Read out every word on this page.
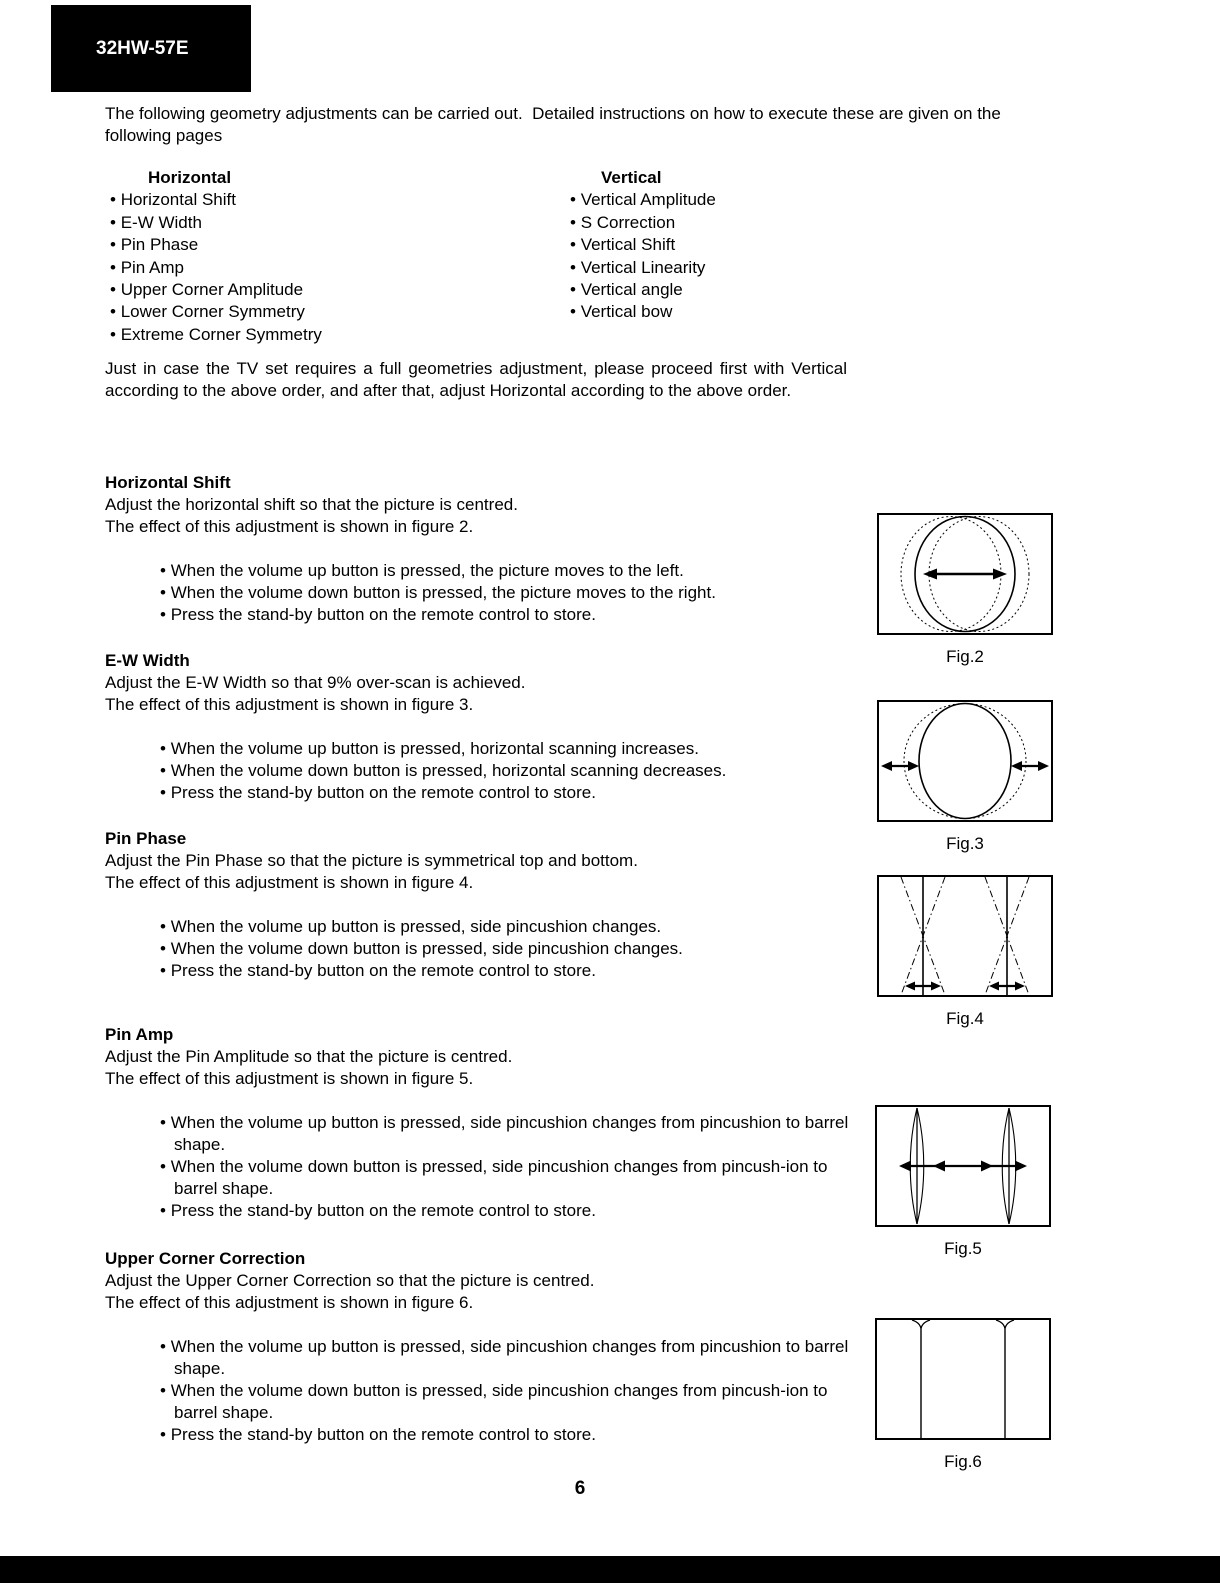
32HW-57E

The following geometry adjustments can be carried out.  Detailed instructions on how to execute these are given on the following pages

Horizontal
• Horizontal Shift
• E-W Width
• Pin Phase
• Pin Amp
• Upper Corner Amplitude
• Lower Corner Symmetry
• Extreme Corner Symmetry
Vertical
• Vertical Amplitude
• S Correction
• Vertical Shift
• Vertical Linearity
• Vertical angle
• Vertical bow

Just in case the TV set requires a full geometries adjustment, please proceed first with Vertical according to the above order, and after that, adjust Horizontal according to the above order.

Horizontal Shift
Adjust the horizontal shift so that the picture is centred.
The effect of this adjustment is shown in figure 2.
• When the volume up button is pressed, the picture moves to the left.
• When the volume down button is pressed, the picture moves to the right.
• Press the stand-by button on the remote control to store.
E-W Width
Adjust the E-W Width so that 9% over-scan is achieved.
The effect of this adjustment is shown in figure 3.
• When the volume up button is pressed, horizontal scanning increases.
• When the volume down button is pressed, horizontal scanning decreases.
• Press the stand-by button on the remote control to store.
Pin Phase
Adjust the Pin Phase so that the picture is symmetrical top and bottom.
The effect of this adjustment is shown in figure 4.
• When the volume up button is pressed, side pincushion changes.
• When the volume down button is pressed, side pincushion changes.
• Press the stand-by button on the remote control to store.
Pin Amp
Adjust the Pin Amplitude so that the picture is centred.
The effect of this adjustment is shown in figure 5.
• When the volume up button is pressed, side pincushion changes from pincushion to barrel shape.
• When the volume down button is pressed, side pincushion changes from pincush-ion to barrel shape.
• Press the stand-by button on the remote control to store.
Upper Corner Correction
Adjust the Upper Corner Correction so that the picture is centred.
The effect of this adjustment is shown in figure 6.
• When the volume up button is pressed, side pincushion changes from pincushion to barrel shape.
• When the volume down button is pressed, side pincushion changes from pincush-ion to barrel shape.
• Press the stand-by button on the remote control to store.
Fig.2
Fig.3
Fig.4
Fig.5
Fig.6
6
